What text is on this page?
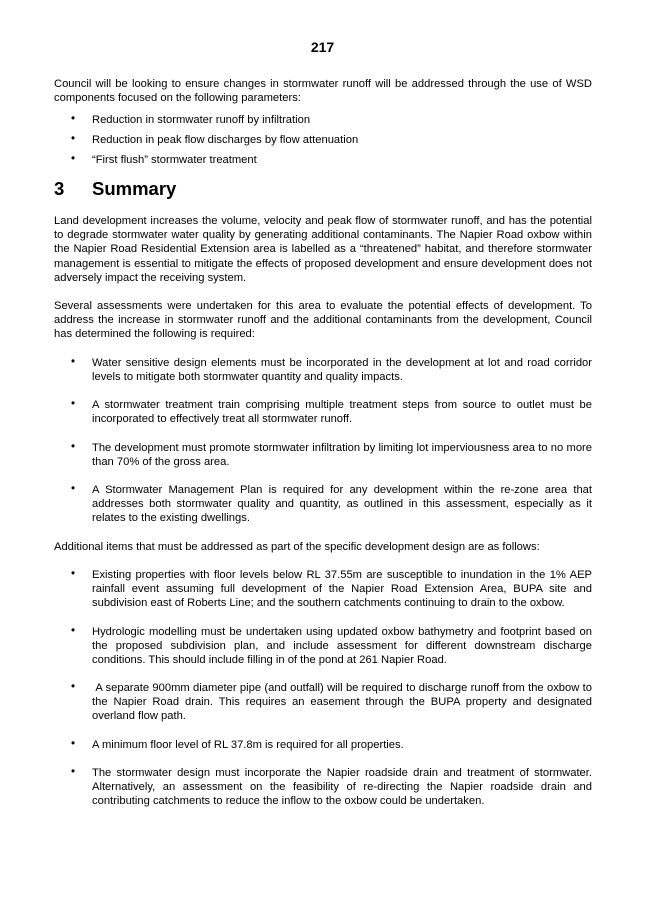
217

Council will be looking to ensure changes in stormwater runoff will be addressed through the use of WSD components focused on the following parameters:

• Reduction in stormwater runoff by infiltration
• Reduction in peak flow discharges by flow attenuation
• “First flush” stormwater treatment
3 Summary

Land development increases the volume, velocity and peak flow of stormwater runoff, and has the potential to degrade stormwater water quality by generating additional contaminants. The Napier Road oxbow within the Napier Road Residential Extension area is labelled as a “threatened” habitat, and therefore stormwater management is essential to mitigate the effects of proposed development and ensure development does not adversely impact the receiving system.

Several assessments were undertaken for this area to evaluate the potential effects of development. To address the increase in stormwater runoff and the additional contaminants from the development, Council has determined the following is required:

• Water sensitive design elements must be incorporated in the development at lot and road corridor levels to mitigate both stormwater quantity and quality impacts.
• A stormwater treatment train comprising multiple treatment steps from source to outlet must be incorporated to effectively treat all stormwater runoff.
• The development must promote stormwater infiltration by limiting lot imperviousness area to no more than 70% of the gross area.
• A Stormwater Management Plan is required for any development within the re-zone area that addresses both stormwater quality and quantity, as outlined in this assessment, especially as it relates to the existing dwellings.

Additional items that must be addressed as part of the specific development design are as follows:

• Existing properties with floor levels below RL 37.55m are susceptible to inundation in the 1% AEP rainfall event assuming full development of the Napier Road Extension Area, BUPA site and subdivision east of Roberts Line; and the southern catchments continuing to drain to the oxbow.
• Hydrologic modelling must be undertaken using updated oxbow bathymetry and footprint based on the proposed subdivision plan, and include assessment for different downstream discharge conditions. This should include filling in of the pond at 261 Napier Road.
• A separate 900mm diameter pipe (and outfall) will be required to discharge runoff from the oxbow to the Napier Road drain. This requires an easement through the BUPA property and designated overland flow path.
• A minimum floor level of RL 37.8m is required for all properties.
• The stormwater design must incorporate the Napier roadside drain and treatment of stormwater. Alternatively, an assessment on the feasibility of re-directing the Napier roadside drain and contributing catchments to reduce the inflow to the oxbow could be undertaken.
